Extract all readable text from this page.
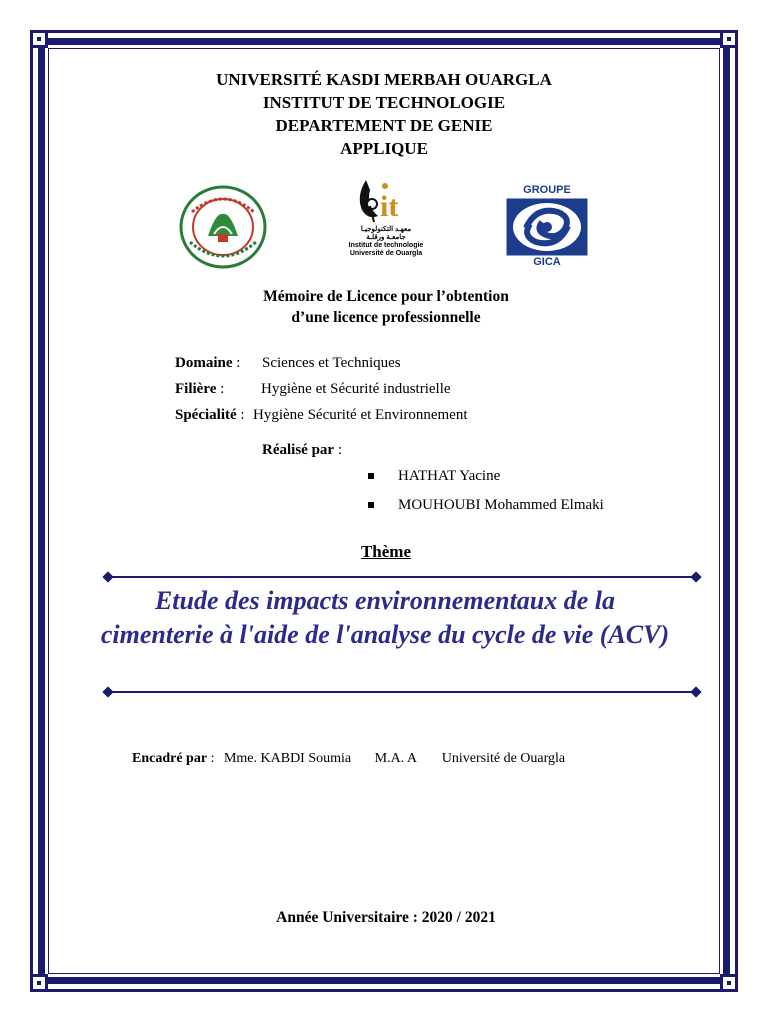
UNIVERSITÉ KASDI MERBAH OUARGLA
INSTITUT DE TECHNOLOGIE
DEPARTEMENT DE GENIE
APPLIQUE
it
معهـد التكنولوجيـا
جامعـة ورقلـة
Institut de technologie
Université de Ouargla
GROUPE
GICA
Mémoire de Licence pour l’obtention
d’une licence professionnelle
Domaine : Sciences et Techniques
Filière : Hygiène et Sécurité industrielle
Spécialité : Hygiène Sécurité et Environnement
Réalisé par :
HATHAT Yacine
MOUHOUBI Mohammed Elmaki
Thème
Etude des impacts environnementaux de la cimenterie à l'aide de l'analyse du cycle de vie (ACV)
Encadré par : Mme. KABDI Soumia M.A. A Université de Ouargla
Année Universitaire : 2020 / 2021
